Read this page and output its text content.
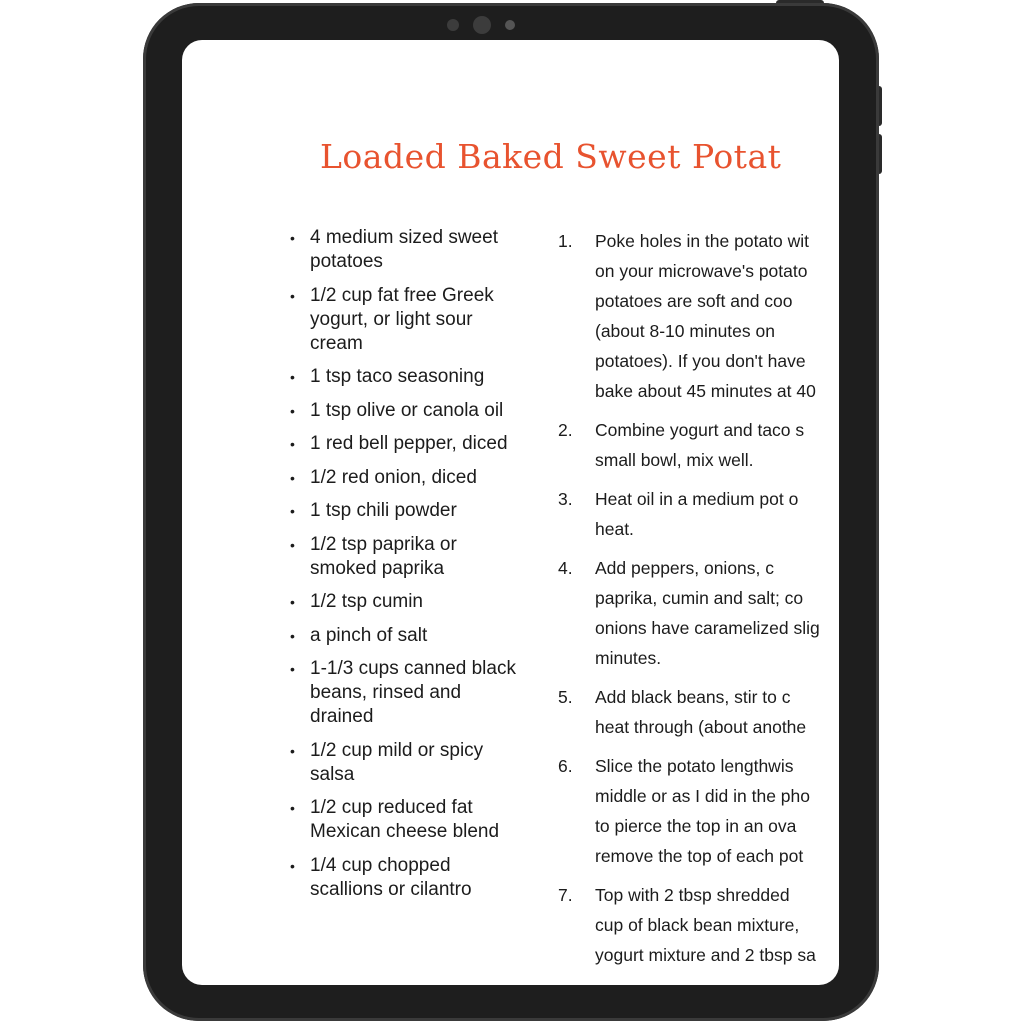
Loaded Baked Sweet Potat
• 4 medium sized sweet potatoes
• 1/2 cup fat free Greek yogurt, or light sour cream
• 1 tsp taco seasoning
• 1 tsp olive or canola oil
• 1 red bell pepper, diced
• 1/2 red onion, diced
• 1 tsp chili powder
• 1/2 tsp paprika or smoked paprika
• 1/2 tsp cumin
• a pinch of salt
• 1-1/3 cups canned black beans, rinsed and drained
• 1/2 cup mild or spicy salsa
• 1/2 cup reduced fat Mexican cheese blend
• 1/4 cup chopped scallions or cilantro
1. Poke holes in the potato wit
on your microwave's potato
potatoes are soft and coo
(about 8-10 minutes on
potatoes). If you don't have
bake about 45 minutes at 40
2. Combine yogurt and taco s
small bowl, mix well.
3. Heat oil in a medium pot o
heat.
4. Add peppers, onions, c
paprika, cumin and salt; co
onions have caramelized slig
minutes.
5. Add black beans, stir to c
heat through (about anothe
6. Slice the potato lengthwis
middle or as I did in the pho
to pierce the top in an ova
remove the top of each pot
7. Top with 2 tbsp shredded
cup of black bean mixture,
yogurt mixture and 2 tbsp sa
